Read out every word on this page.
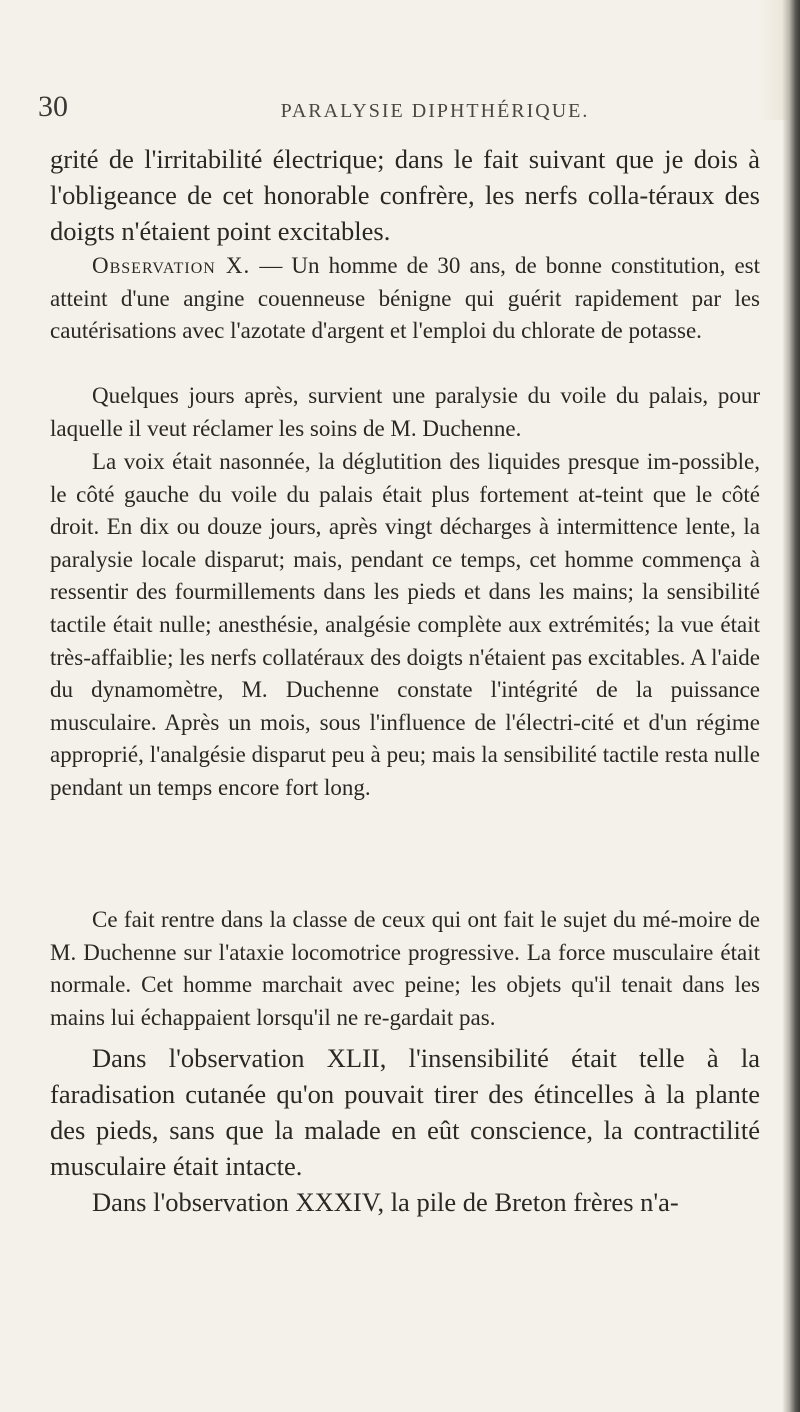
30	PARALYSIE DIPHTHÉRIQUE.

grité de l'irritabilité électrique; dans le fait suivant que je dois à l'obligeance de cet honorable confrère, les nerfs colla-téraux des doigts n'étaient point excitables.

Observation X. — Un homme de 30 ans, de bonne constitution, est atteint d'une angine couenneuse bénigne qui guérit rapidement par les cautérisations avec l'azotate d'argent et l'emploi du chlorate de potasse.

Quelques jours après, survient une paralysie du voile du palais, pour laquelle il veut réclamer les soins de M. Duchenne.

La voix était nasonnée, la déglutition des liquides presque im-possible, le côté gauche du voile du palais était plus fortement at-teint que le côté droit. En dix ou douze jours, après vingt décharges à intermittence lente, la paralysie locale disparut; mais, pendant ce temps, cet homme commença à ressentir des fourmillements dans les pieds et dans les mains; la sensibilité tactile était nulle; anesthésie, analgésie complète aux extrémités; la vue était très-affaiblie; les nerfs collatéraux des doigts n'étaient pas excitables. A l'aide du dynamomètre, M. Duchenne constate l'intégrité de la puissance musculaire. Après un mois, sous l'influence de l'électri-cité et d'un régime approprié, l'analgésie disparut peu à peu; mais la sensibilité tactile resta nulle pendant un temps encore fort long.

Ce fait rentre dans la classe de ceux qui ont fait le sujet du mé-moire de M. Duchenne sur l'ataxie locomotrice progressive. La force musculaire était normale. Cet homme marchait avec peine; les objets qu'il tenait dans les mains lui échappaient lorsqu'il ne re-gardait pas.

Dans l'observation XLII, l'insensibilité était telle à la faradisation cutanée qu'on pouvait tirer des étincelles à la plante des pieds, sans que la malade en eût conscience, la contractilité musculaire était intacte.

Dans l'observation XXXIV, la pile de Breton frères n'a-
